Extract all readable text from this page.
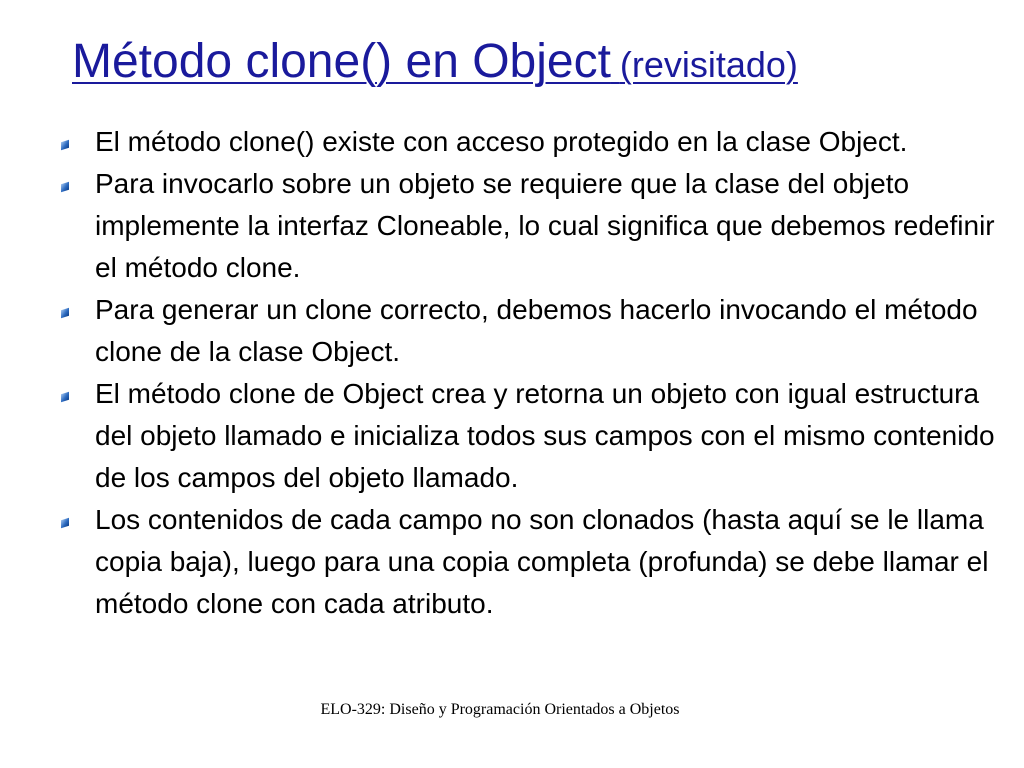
Método clone() en Object (revisitado)
El método clone() existe con acceso protegido en la clase Object.
Para invocarlo sobre un objeto se requiere que la clase del objeto implemente la interfaz Cloneable, lo cual significa que debemos redefinir el método clone.
Para generar un clone correcto, debemos hacerlo invocando el método clone de la clase Object.
El método clone de Object crea y retorna un objeto con igual estructura del objeto llamado e inicializa todos sus campos con el mismo contenido de los campos del objeto llamado.
Los contenidos de cada campo no son clonados (hasta aquí se le llama copia baja), luego para una copia completa (profunda) se debe llamar el método clone con cada atributo.
ELO-329: Diseño y Programación Orientados a Objetos
